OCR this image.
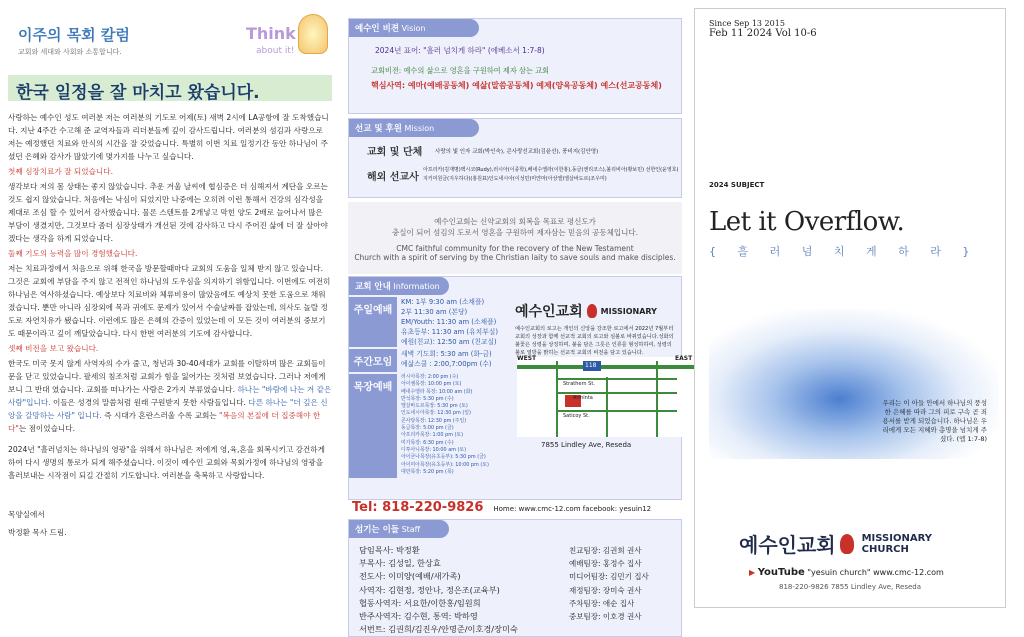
이주의 목회 칼럼
교회와 세대와 사회와 소통합니다.
Think
about it!
한국 일정을 잘 마치고 왔습니다.

사랑하는 예수인 성도 여러분 저는 여러분의 기도로 어제(토) 새벽 2시에 LA공항에 잘 도착했습니다. 지난 4주간 수고해 준 교역자들과 리더분들께 깊이 감사드립니다. 여러분의 섬김과 사랑으로 저는 예정했던 치료와 안식의 시간을 잘 갖었습니다. 특별히 이번 치료 일정기간 동안 하나님이 주셨던 은혜와 감사가 많았기에 몇가지를 나누고 싶습니다.

첫째 심장치료가 잘 되었습니다.

생각보다 저의 몸 상태는 좋지 않았습니다. 추운 겨울 날씨에 협심증은 더 심해져서 계단을 오르는 것도 쉽지 않았습니다. 처음에는 낙심이 되었지만 나중에는 오히려 이런 통해서 건강의 심각성을 제대로 조심 할 수 있어서 감사했습니다. 물론 스텐트를 2개넣고 막힌 양도 2배로 늘어나서 많은 부담이 생겼지만, 그것보다 좀더 심장상태가 개선된 것에 감사하고 다시 주어진 삶에 더 잘 살아야 겠다는 생각을 하게 되었습니다.

둘째 기도의 능력을 많이 경험했습니다.

저는 치료과정에서 처음으로 위해 한국을 방문할때마다 교회의 도움을 일체 받지 않고 있습니다. 그것은 교회에 부담을 주지 않고 전적인 하나님의 도우심을 의지하기 위함입니다. 이번에도 여전히 하나님은 역사하셨습니다. 예상보다 치료비와 체류비용이 많았음에도 예상치 못한 도움으로 채워졌습니다. 뿐만 아니라 심장외에 목과 귀에도 문제가 있어서 수술날짜를 잡았는데, 의사도 놀랄 정도로 자연치유가 됐습니다. 이런에도 많은 은혜의 간증이 있었는데 이 모든 것이 여러분의 중보기도 때문이라고 깊이 깨달았습니다. 다시 한번 여러분의 기도에 감사합니다.

셋째 비전을 보고 왔습니다.

한국도 미국 못지 않게 사역자의 수가 줄고, 청년과 30-40세대가 교회를 이탈하며 많은 교회들이 문을 닫고 있었습니다. 팔세의 침조처럼 교회가 힘을 잃어가는 것처럼 보였습니다. 그러나 저에게 보니 그 반대 였습니다. 교회를 떠나가는 사람은 2가지 부류였습니다. 하나는 "바람에 나는 겨 같은 사람"입니다. 이들은 성경의 말씀처럼 원래 구원받지 못한 사람들입니다. 다른 하나는 "더 깊은 신앙을 갈망하는 사람" 입니다. 즉 시대가 혼란스러울 수록 교회는 "복음의 본질에 더 집중해야 한다"는 점이었습니다.

2024년 "흘러넘치는 하나님의 영광"을 위해서 하나님은 저에게 영,육,혼을 회복시키고 강건하게 하여 다시 생명의 통로가 되게 해주셨습니다. 이것이 예수인 교회와 목회가정에 하나님의 영광을 흘러보내는 시작점이 되길 간절히 기도합니다. 여러분을 축복하고 사랑합니다.

목양실에서

박정환 목사 드림.

예수인 비젼 Vision
2024년 표어: "흘러 넘치게 하라" (에베소서 1:7-8)
교회비젼: 예수의 삶으로 영혼을 구원하여 제자 삼는 교회
핵심사역: 예마(예배공동체) 예삶(말씀공동체) 예제(양육공동체) 예스(선교공동체)
선교 및 후원 Mission
교회 및 단체	사랑의 빛 인자 교회(박인숙), 콘사랑선교회(김윤선), 풍비지(김안영)
해외 선교사
아프리카(김재명)멕시코(Rudy),러시아(이종학),베네수엘라(이한홍),동글(엔리코스),볼리비아(황보민) 선한인(윤영호)지키미원금(지우하다)(홍원표)인도네시아(이성민)미얀마(아상엘)엘살바도르(조우미)
예수인교회는 신약교회의 회복을 목표로 평신도가
충실이 되어 섬김의 도로서 영혼을 구원하여 제자삼는 믿음의 공동체입니다.
CMC faithful community for the recovery of the New Testament
Church with a spirit of serving by the Christian laity to save souls and make disciples.
교회 안내 Information
주일예배
KM: 1부 9:30 am (소채플)
2부 11:30 am (본당)
EM/Youth: 11:30 am (소채플)
유초등부: 11:30 am (유치부실)
예원(친교): 12:50 am (친교실)
주간모임
새벽 기도회: 5:30 am (화-금)
예삶스쿨 : 2:00,7:00pm (수)
목장예배
러시아목장: 2:00 pm (수)
아이엠목장: 10:00 pm (토)
베네수엘라 목장: 10:00 am (화)
반석목장: 5:30 pm (수)
엘살바도르목장: 5:30 pm (토)
인도네시아목장: 12:30 pm (일)
콘사랑목장: 12:30 pm (주일)
동글목장: 5:00 pm (금)
아프리카목장: 1:00 pm (토)
미가목장: 6:30 pm (수)
디투아니목장: 10:00 am (토)
아이굳나목장(유초등부): 5:30 pm (금)
아이미아목장(유초등부): 10:00 pm (토)
대만목장: 5:20 pm (목)
예수인교회 MISSIONARY
예수인교회의 로고는 개인의 신앙을 강조한 로고에서 2022년 7월부터 교회의 성장과 함께 선교적 교회의 로고와 심볼로 바뀌었습니다.성화의 불꽃은 성령을 상징하며, 불을 담은 그릇은 인류를 형성하하여, 성령의 불로 열방을 밝히는 선교적 교회의 비전을 담고 있습니다.
WEST	EAST
118
Strathern St.
Arminta
Saticoy St.
7855 Lindley Ave, Reseda
Tel: 818-220-9826 Home: www.cmc-12.com facebook: yesuin12
섬기는 이들 Staff
담임목사: 박정환
부목사: 김성일, 한상효
전도사: 이미양(예배/새가족)
사역자: 김현정, 정안나, 정은조(교육부)
협동사역자: 서요한/이한홍/임원희
반주사역자: 김수현, 통역: 박하영
서번트: 김권희/김진우/안명준/이호경/장미숙
친교팀장: 김권희 권사
예배팀장: 홍정수 집사
미디어팀장: 김민기 집사
재정팀장: 장미숙 권사
주차팀장: 애순 집사
중보팀장: 이호경 권사
Since Sep 13 2015
Feb 11 2024 Vol 10-6
2024 SUBJECT
Let it Overflow.
{ 흘 러 넘 치 게 하 라 }
우리는 이 아들 안에서 하나님의 풍성한 은혜를 따라 그의 피로 구속 곧 죄 용서를 받게 되었습니다. 하나님은 우리에게 모든 지혜와 총명을 넘치게 주셨다. (엡 1:7-8)
예수인교회	MISSIONARY
CHURCH
▶ YouTube "yesuin church" www.cmc-12.com
818-220-9826 7855 Lindley Ave, Reseda
